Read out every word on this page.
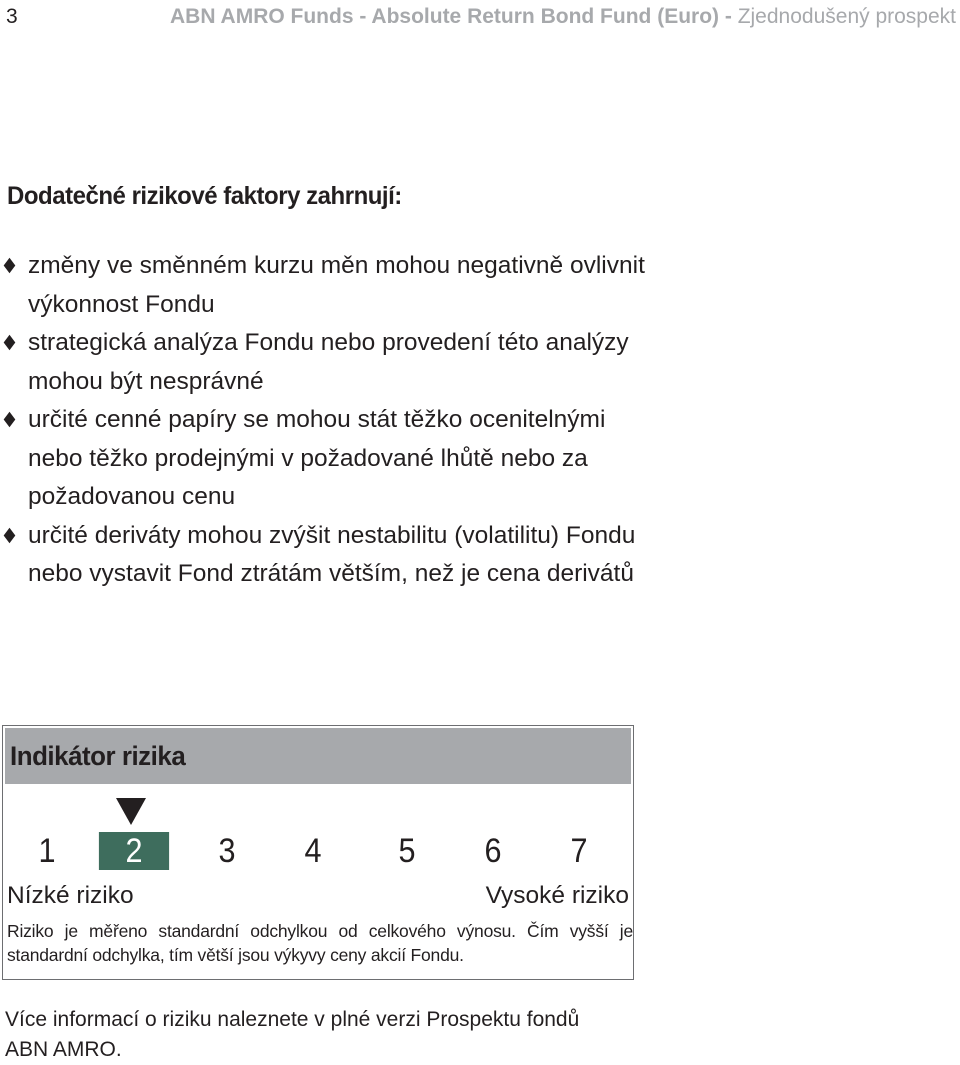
3	ABN AMRO Funds - Absolute Return Bond Fund (Euro) - Zjednodušený prospekt
Dodatečné rizikové faktory zahrnují:
změny ve směnném kurzu měn mohou negativně ovlivnit výkonnost Fondu
strategická analýza Fondu nebo provedení této analýzy mohou být nesprávné
určité cenné papíry se mohou stát těžko ocenitelnými nebo těžko prodejnými v požadované lhůtě nebo za požadovanou cenu
určité deriváty mohou zvýšit nestabilitu (volatilitu) Fondu nebo vystavit Fond ztrátám větším, než je cena derivátů
Indikátor rizika
1	2	3	4	5	6	7
Nízké riziko	Vysoké riziko
Riziko je měřeno standardní odchylkou od celkového výnosu. Čím vyšší je standardní odchylka, tím větší jsou výkyvy ceny akcií Fondu.
Více informací o riziku naleznete v plné verzi Prospektu fondů ABN AMRO.
